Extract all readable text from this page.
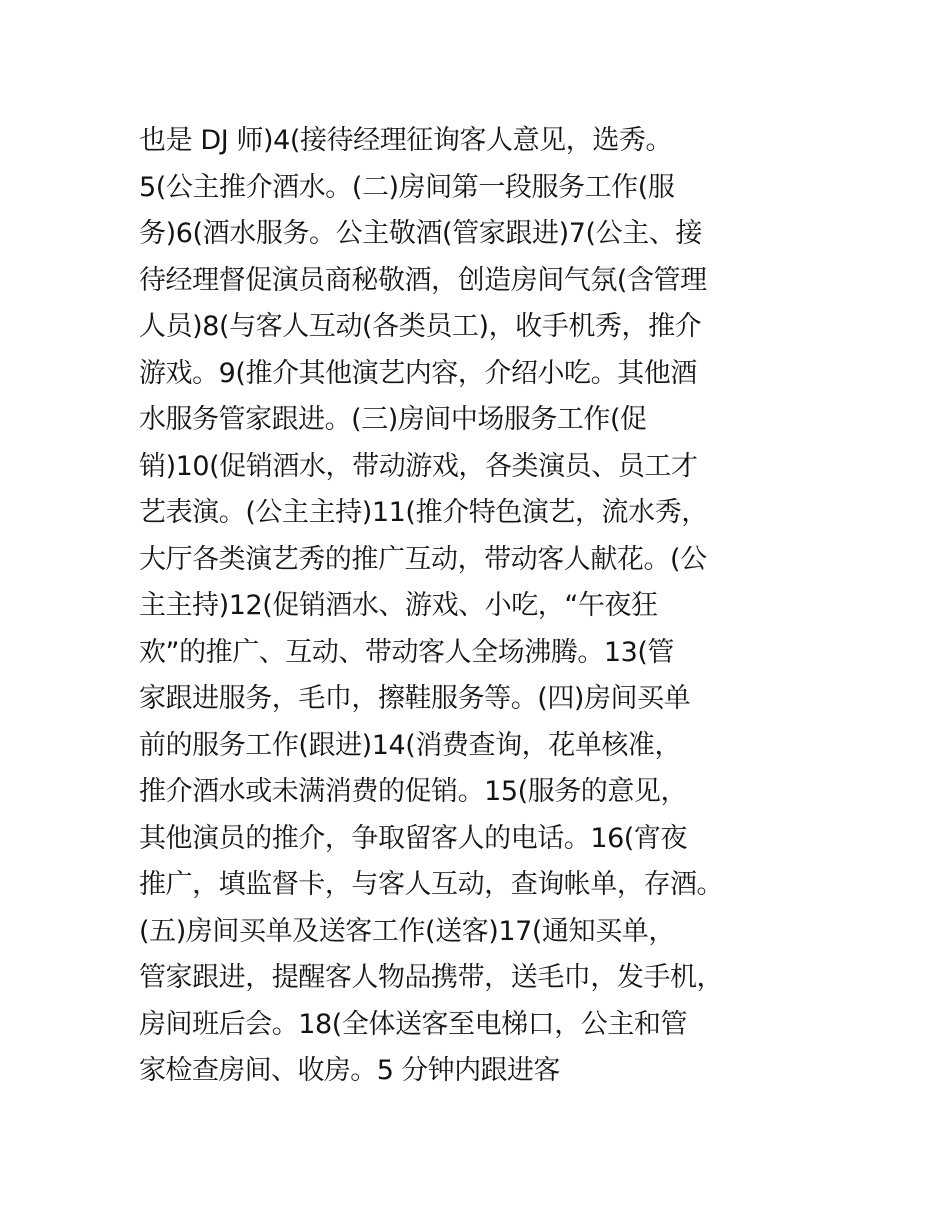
也是 DJ 师)4(接待经理征询客人意见，选秀。
5(公主推介酒水。(二)房间第一段服务工作(服
务)6(酒水服务。公主敬酒(管家跟进)7(公主、接
待经理督促演员商秘敬酒，创造房间气氛(含管理
人员)8(与客人互动(各类员工)，收手机秀，推介
游戏。9(推介其他演艺内容，介绍小吃。其他酒
水服务管家跟进。(三)房间中场服务工作(促
销)10(促销酒水，带动游戏，各类演员、员工才
艺表演。(公主主持)11(推介特色演艺，流水秀，
大厅各类演艺秀的推广互动，带动客人献花。(公
主主持)12(促销酒水、游戏、小吃，“午夜狂
欢”的推广、互动、带动客人全场沸腾。13(管
家跟进服务，毛巾，擦鞋服务等。(四)房间买单
前的服务工作(跟进)14(消费查询，花单核准，
推介酒水或未满消费的促销。15(服务的意见，
其他演员的推介，争取留客人的电话。16(宵夜
推广，填监督卡，与客人互动，查询帐单，存酒。
(五)房间买单及送客工作(送客)17(通知买单，
管家跟进，提醒客人物品携带，送毛巾，发手机，
房间班后会。18(全体送客至电梯口，公主和管
家检查房间、收房。5 分钟内跟进客
